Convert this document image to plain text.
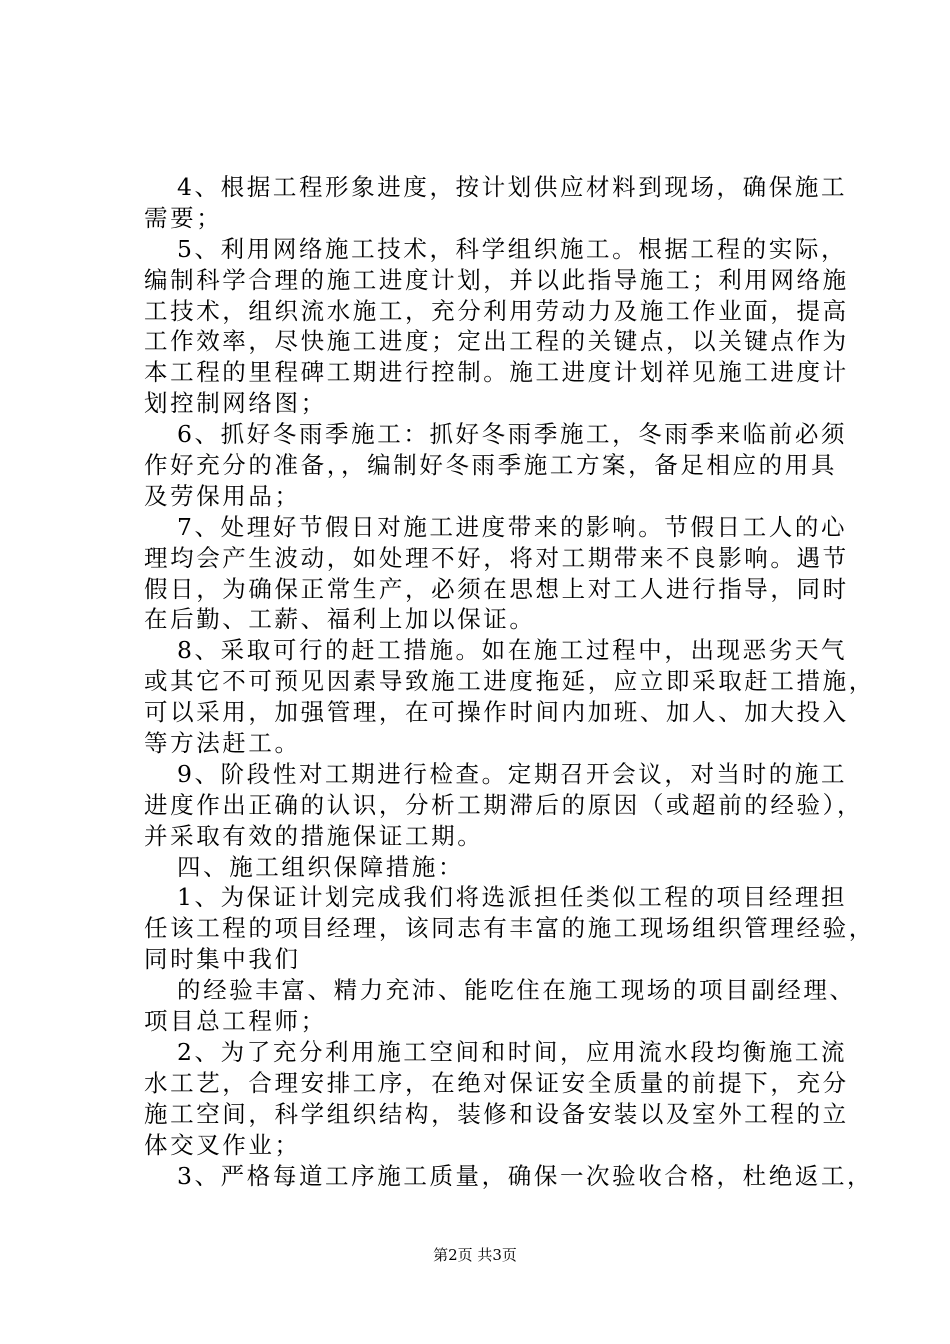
4、根据工程形象进度，按计划供应材料到现场，确保施工
需要；
5、利用网络施工技术，科学组织施工。根据工程的实际，
编制科学合理的施工进度计划，并以此指导施工；利用网络施
工技术，组织流水施工，充分利用劳动力及施工作业面，提高
工作效率，尽快施工进度；定出工程的关键点，以关键点作为
本工程的里程碑工期进行控制。施工进度计划祥见施工进度计
划控制网络图；
6、抓好冬雨季施工：抓好冬雨季施工，冬雨季来临前必须
作好充分的准备，，编制好冬雨季施工方案，备足相应的用具
及劳保用品；
7、处理好节假日对施工进度带来的影响。节假日工人的心
理均会产生波动，如处理不好，将对工期带来不良影响。遇节
假日，为确保正常生产，必须在思想上对工人进行指导，同时
在后勤、工薪、福利上加以保证。
8、采取可行的赶工措施。如在施工过程中，出现恶劣天气
或其它不可预见因素导致施工进度拖延，应立即采取赶工措施，
可以采用，加强管理，在可操作时间内加班、加人、加大投入
等方法赶工。
9、阶段性对工期进行检查。定期召开会议，对当时的施工
进度作出正确的认识，分析工期滞后的原因（或超前的经验），
并采取有效的措施保证工期。
四、施工组织保障措施：
1、为保证计划完成我们将选派担任类似工程的项目经理担
任该工程的项目经理，该同志有丰富的施工现场组织管理经验，
同时集中我们
的经验丰富、精力充沛、能吃住在施工现场的项目副经理、
项目总工程师；
2、为了充分利用施工空间和时间，应用流水段均衡施工流
水工艺，合理安排工序，在绝对保证安全质量的前提下，充分
施工空间，科学组织结构，装修和设备安装以及室外工程的立
体交叉作业；
3、严格每道工序施工质量，确保一次验收合格，杜绝返工，
第2页 共3页
